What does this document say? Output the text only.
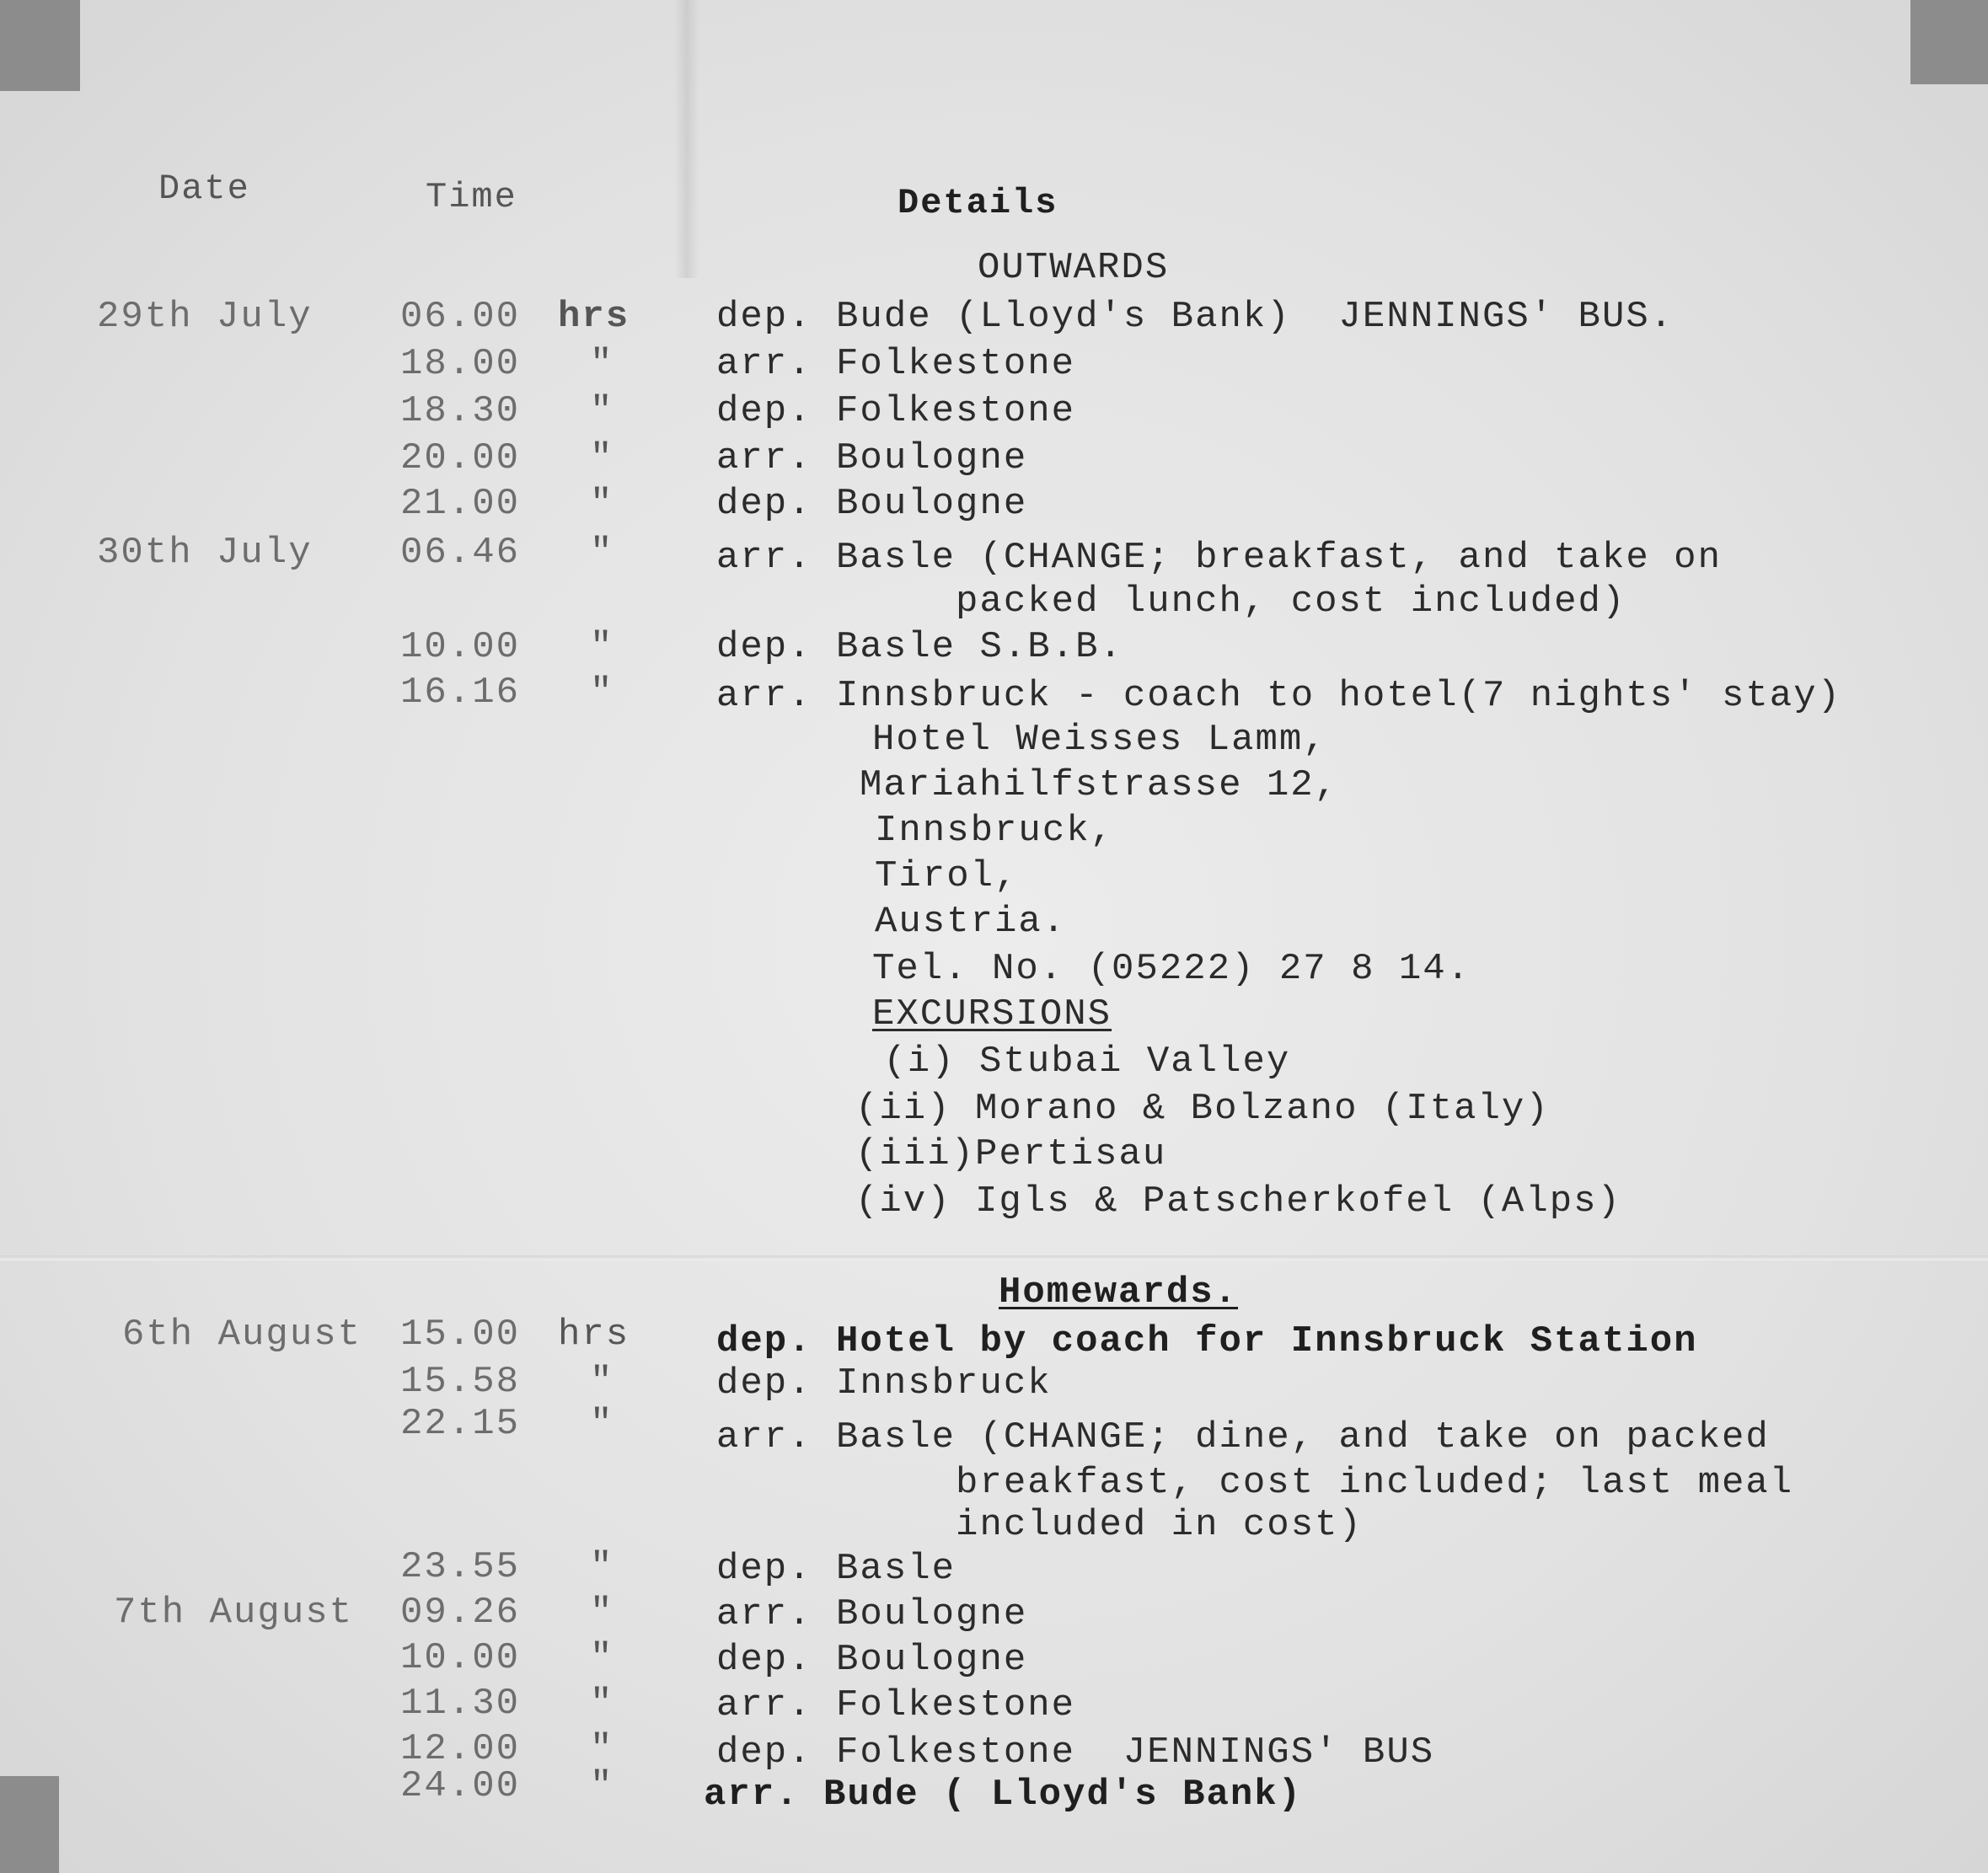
Date	Time	Details
OUTWARDS
29th July 06.00 hrs dep. Bude (Lloyd's Bank)  JENNINGS' BUS.
18.00 "	arr. Folkestone
18.30 "	dep. Folkestone
20.00 "	arr. Boulogne
21.00 "	dep. Boulogne
30th July 06.46 "	arr. Basle (CHANGE; breakfast, and take on
packed lunch, cost included)
10.00 "	dep. Basle S.B.B.
16.16 "	arr. Innsbruck - coach to hotel(7 nights' stay)
Hotel Weisses Lamm,
Mariahilfstrasse 12,
Innsbruck,
Tirol,
Austria.
Tel. No. (05222) 27 8 14.
EXCURSIONS
(i) Stubai Valley
(ii) Morano & Bolzano (Italy)
(iii)Pertisau
(iv) Igls & Patscherkofel (Alps)
Homewards.
6th August 15.00 hrs dep. Hotel by coach for Innsbruck Station
15.58 "	dep. Innsbruck
22.15 "	arr. Basle (CHANGE; dine, and take on packed
breakfast, cost included; last meal
included in cost)
23.55 "	dep. Basle
7th August 09.26 "	arr. Boulogne
10.00 "	dep. Boulogne
11.30 "	arr. Folkestone
12.00 "	dep. Folkestone  JENNINGS' BUS
24.00 " arr. Bude ( Lloyd's Bank)
